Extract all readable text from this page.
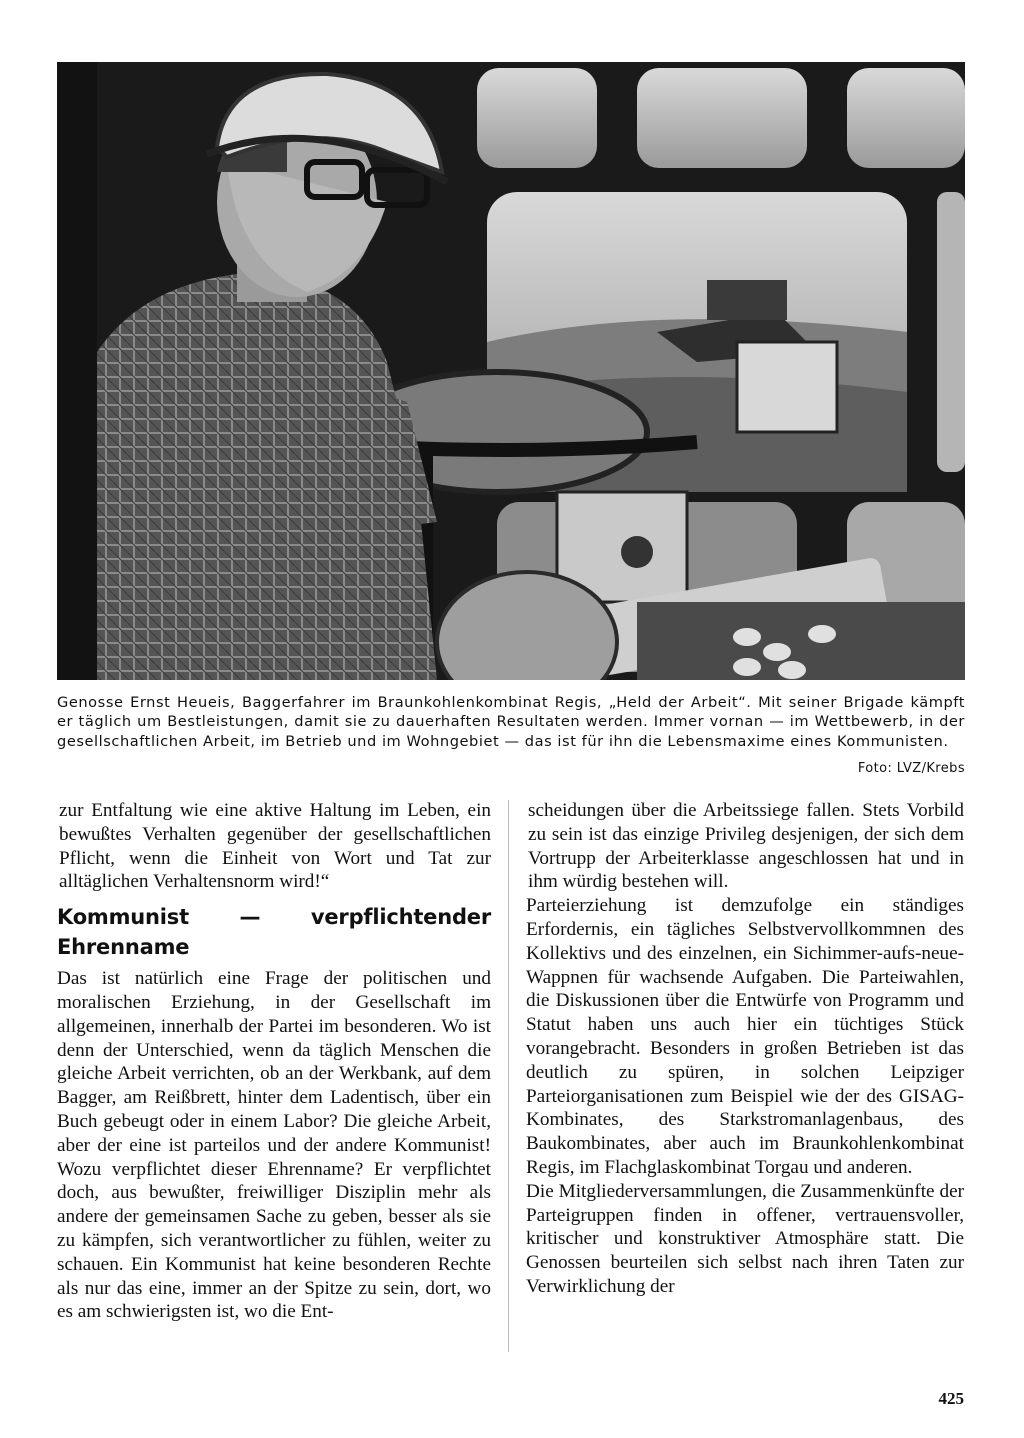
Genosse Ernst Heueis, Baggerfahrer im Braunkohlenkombinat Regis, „Held der Arbeit“. Mit seiner Brigade kämpft er täglich um Bestleistungen, damit sie zu dauerhaften Resultaten werden. Immer vornan — im Wettbewerb, in der gesellschaftlichen Arbeit, im Betrieb und im Wohngebiet — das ist für ihn die Lebensmaxime eines Kommunisten.
Foto: LVZ/Krebs

zur Entfaltung wie eine aktive Haltung im Leben, ein bewußtes Verhalten gegenüber der gesellschaftlichen Pflicht, wenn die Einheit von Wort und Tat zur alltäglichen Verhaltensnorm wird!“

Kommunist — verpflichtender Ehrenname

Das ist natürlich eine Frage der politischen und moralischen Erziehung, in der Gesellschaft im allgemeinen, innerhalb der Partei im besonderen. Wo ist denn der Unterschied, wenn da täglich Menschen die gleiche Arbeit verrichten, ob an der Werkbank, auf dem Bagger, am Reißbrett, hinter dem Ladentisch, über ein Buch gebeugt oder in einem Labor? Die gleiche Arbeit, aber der eine ist parteilos und der andere Kommunist! Wozu verpflichtet dieser Ehrenname? Er verpflichtet doch, aus bewußter, freiwilliger Disziplin mehr als andere der gemeinsamen Sache zu geben, besser als sie zu kämpfen, sich verantwortlicher zu fühlen, weiter zu schauen. Ein Kommunist hat keine besonderen Rechte als nur das eine, immer an der Spitze zu sein, dort, wo es am schwierigsten ist, wo die Ent-

scheidungen über die Arbeitssiege fallen. Stets Vorbild zu sein ist das einzige Privileg desjenigen, der sich dem Vortrupp der Arbeiterklasse angeschlossen hat und in ihm würdig bestehen will.

Parteierziehung ist demzufolge ein ständiges Erfordernis, ein tägliches Selbstvervollkommnen des Kollektivs und des einzelnen, ein Sichimmer-aufs-neue-Wappnen für wachsende Aufgaben. Die Parteiwahlen, die Diskussionen über die Entwürfe von Programm und Statut haben uns auch hier ein tüchtiges Stück vorangebracht. Besonders in großen Betrieben ist das deutlich zu spüren, in solchen Leipziger Parteiorganisationen zum Beispiel wie der des GISAG-Kombinates, des Starkstromanlagenbaus, des Baukombinates, aber auch im Braunkohlenkombinat Regis, im Flachglaskombinat Torgau und anderen.

Die Mitgliederversammlungen, die Zusammenkünfte der Parteigruppen finden in offener, vertrauensvoller, kritischer und konstruktiver Atmosphäre statt. Die Genossen beurteilen sich selbst nach ihren Taten zur Verwirklichung der

425
